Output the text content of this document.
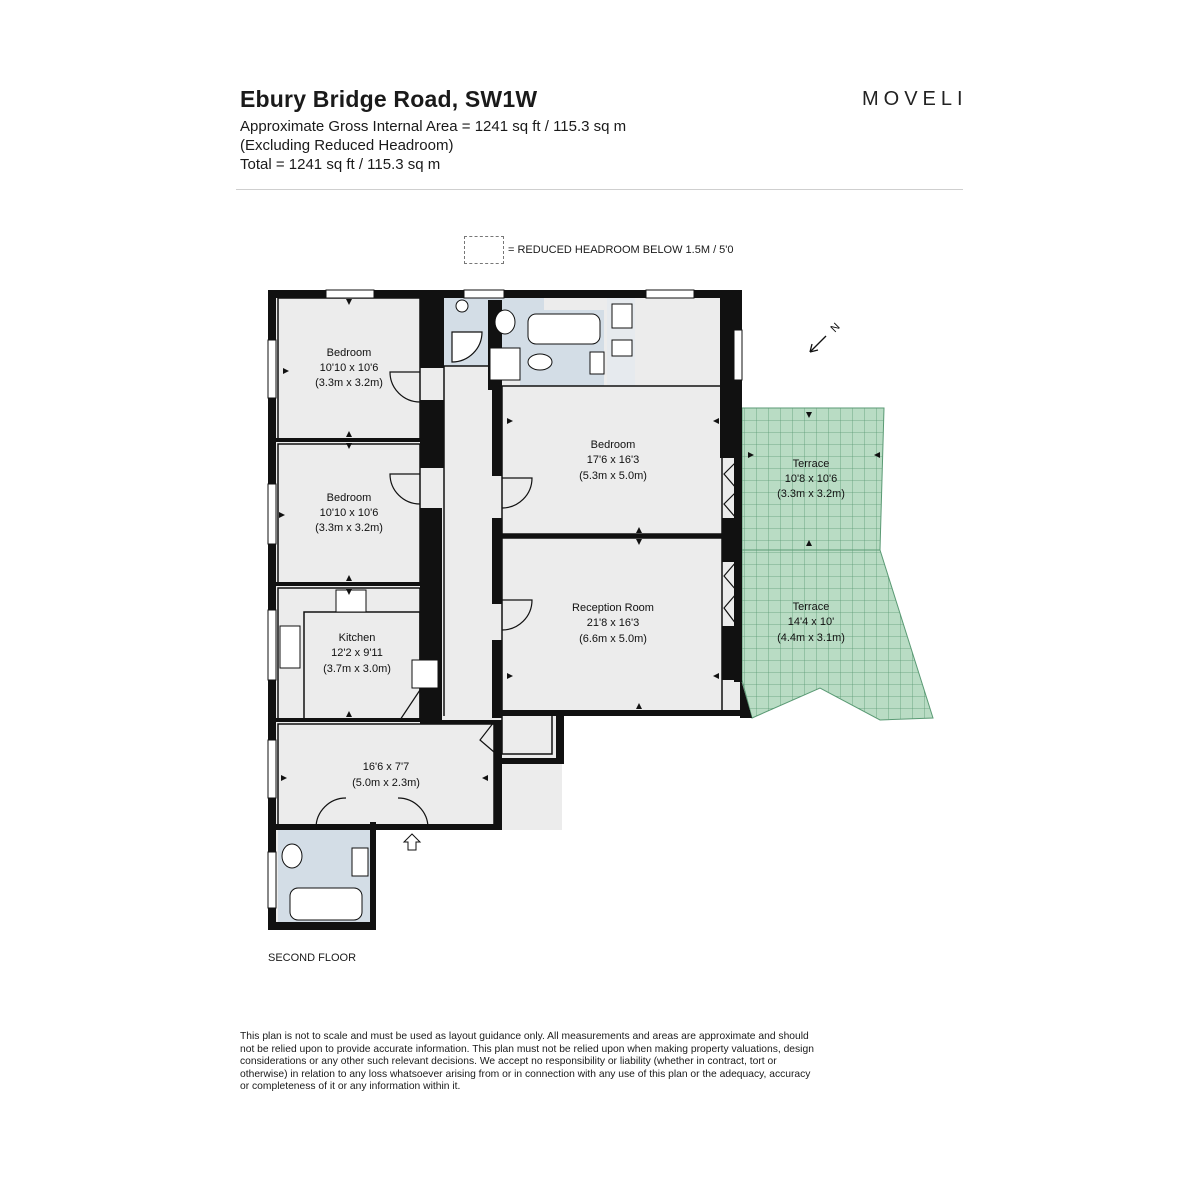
Ebury Bridge Road, SW1W

Approximate Gross Internal Area = 1241 sq ft / 115.3 sq m

(Excluding Reduced Headroom)

Total = 1241 sq ft / 115.3 sq m

MOVELI
= REDUCED HEADROOM BELOW 1.5M / 5'0
N
Bedroom
10'10 x 10'6
(3.3m x 3.2m)
Bedroom
10'10 x 10'6
(3.3m x 3.2m)
Bedroom
17'6 x 16'3
(5.3m x 5.0m)
Reception Room
21'8 x 16'3
(6.6m x 5.0m)
Kitchen
12'2 x 9'11
(3.7m x 3.0m)
16'6 x 7'7
(5.0m x 2.3m)
Terrace
10'8 x 10'6
(3.3m x 3.2m)
Terrace
14'4 x 10'
(4.4m x 3.1m)
SECOND FLOOR

This plan is not to scale and must be used as layout guidance only. All measurements and areas are approximate and should not be relied upon to provide accurate information. This plan must not be relied upon when making property valuations, design considerations or any other such relevant decisions. We accept no responsibility or liability (whether in contract, tort or otherwise) in relation to any loss whatsoever arising from or in connection with any use of this plan or the adequacy, accuracy or completeness of it or any information within it.
